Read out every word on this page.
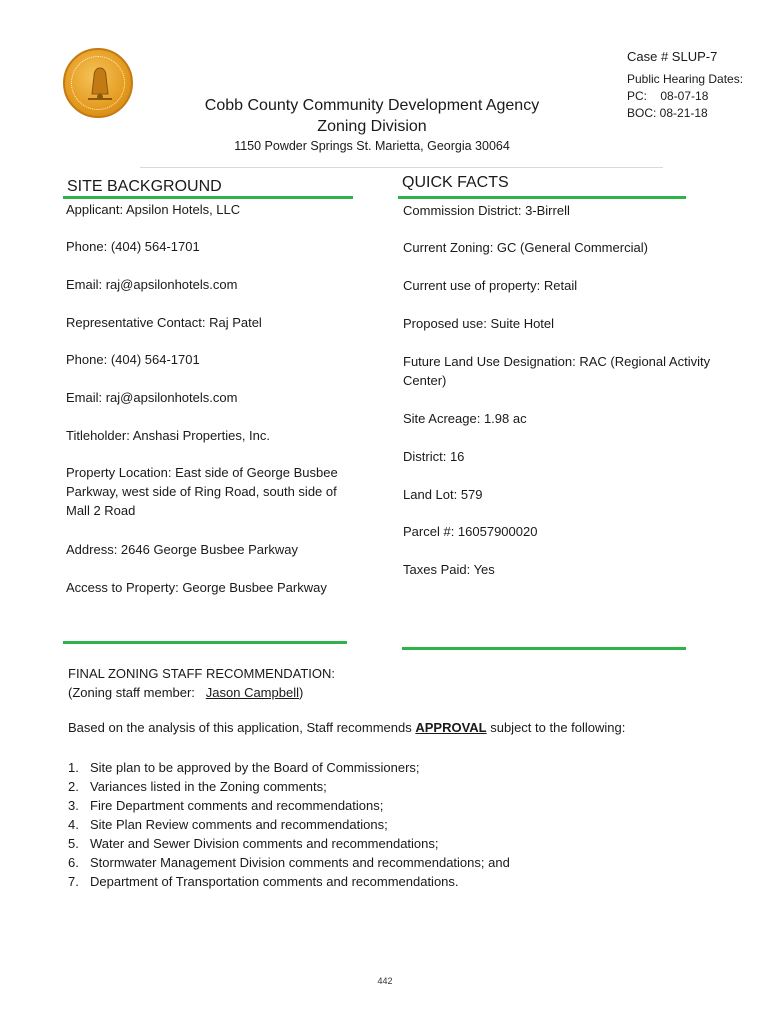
Cobb County Community Development Agency
Zoning Division
1150 Powder Springs St. Marietta, Georgia 30064
Case # SLUP-7
Public Hearing Dates:
PC:    08-07-18
BOC: 08-21-18
SITE BACKGROUND	QUICK FACTS
Applicant: Apsilon Hotels, LLC
Phone: (404) 564-1701
Email: raj@apsilonhotels.com
Representative Contact: Raj Patel
Phone: (404) 564-1701
Email: raj@apsilonhotels.com
Titleholder: Anshasi Properties, Inc.
Property Location: East side of George Busbee
Parkway, west side of Ring Road, south side of
Mall 2 Road
Address: 2646 George Busbee Parkway
Access to Property: George Busbee Parkway
Commission District: 3-Birrell
Current Zoning: GC (General Commercial)
Current use of property: Retail
Proposed use: Suite Hotel
Future Land Use Designation: RAC (Regional Activity
Center)
Site Acreage: 1.98 ac
District: 16
Land Lot: 579
Parcel #: 16057900020
Taxes Paid: Yes
FINAL ZONING STAFF RECOMMENDATION:
(Zoning staff member:   Jason Campbell)
Based on the analysis of this application, Staff recommends APPROVAL subject to the following:
1. Site plan to be approved by the Board of Commissioners;
2. Variances listed in the Zoning comments;
3. Fire Department comments and recommendations;
4. Site Plan Review comments and recommendations;
5. Water and Sewer Division comments and recommendations;
6. Stormwater Management Division comments and recommendations; and
7. Department of Transportation comments and recommendations.
442
